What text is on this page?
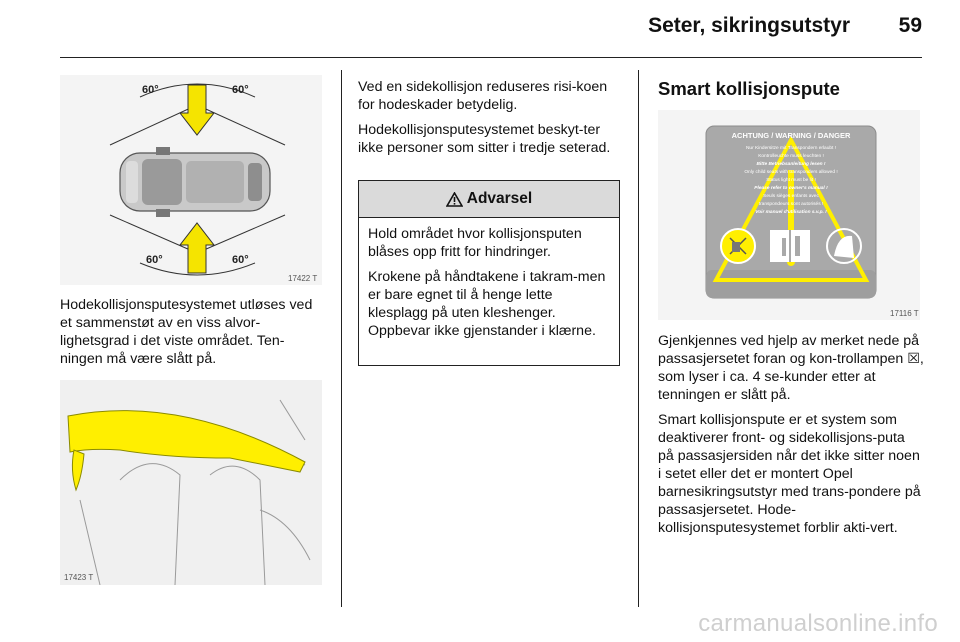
Seter, sikringsutstyr 59
60°	60°
60°	60°
17422 T

Hodekollisjonsputesystemet utløses ved et sammenstøt av en viss alvor-lighetsgrad i det viste området. Ten-ningen må være slått på.

17423 T

Ved en sidekollisjon reduseres risi-koen for hodeskader betydelig.

Hodekollisjonsputesystemet beskyt-ter ikke personer som sitter i tredje seterad.

Advarsel

Hold området hvor kollisjonsputen blåses opp fritt for hindringer.

Krokene på håndtakene i takram-men er bare egnet til å henge lette klesplagg på uten kleshenger. Oppbevar ikke gjenstander i klærne.

Smart kollisjonspute
ACHTUNG / WARNING / DANGER
Nur Kindersitze mit Transpondern erlaubt !
Kontrolleuchte muss leuchten !
Bitte Betriebsanleitung lesen !
Only child seats with transponders allowed !
Status light must be lit !
Please refer to owner's manual !
Seuls sièges enfants avec
transpondeurs sont autorisés !
Voir manuel d'utilisation s.v.p. !
17116 T

Gjenkjennes ved hjelp av merket nede på passasjersetet foran og kon-trollampen ☒, som lyser i ca. 4 se-kunder etter at tenningen er slått på.

Smart kollisjonspute er et system som deaktiverer front- og sidekollisjons-puta på passasjersiden når det ikke sitter noen i setet eller det er montert Opel barnesikringsutstyr med trans-pondere på passasjersetet. Hode-kollisjonsputesystemet forblir akti-vert.

carmanualsonline.info
